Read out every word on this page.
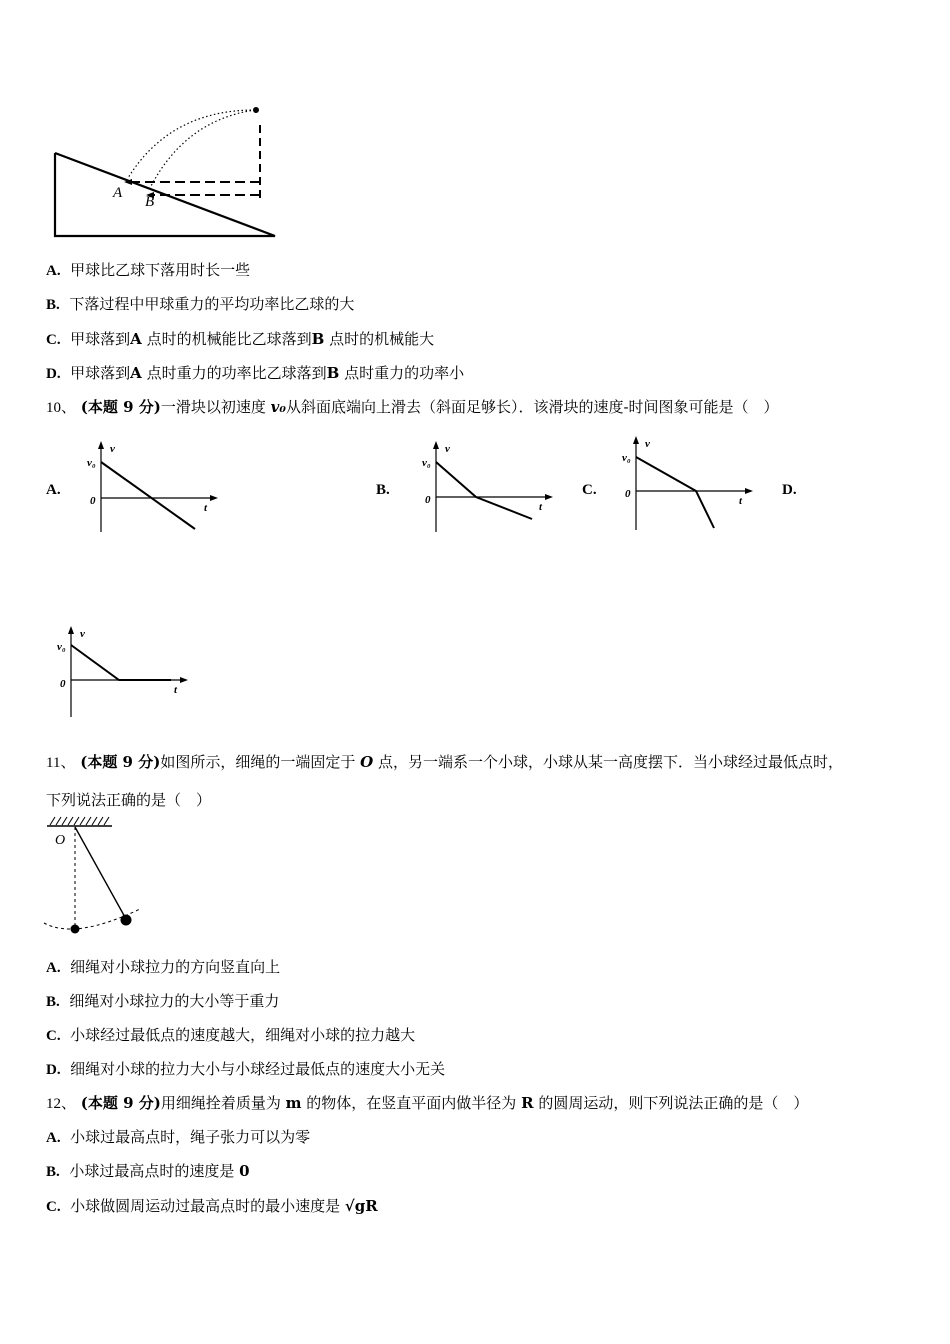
A
B
A. 甲球比乙球下落用时长一些
B. 下落过程中甲球重力的平均功率比乙球的大
C. 甲球落到A 点时的机械能比乙球落到B 点时的机械能大
D. 甲球落到A 点时重力的功率比乙球落到B 点时重力的功率小
10、 (本题 9 分)一滑块以初速度 v₀从斜面底端向上滑去（斜面足够长）．该滑块的速度-时间图象可能是（　）
A.	B.	C.	D.
v
v₀
0
t
v
v₀
0
t
v
v₀
0
t
v
v₀
0	t
11、 (本题 9 分)如图所示，细绳的一端固定于 O 点，另一端系一个小球，小球从某一高度摆下．当小球经过最低点时，
下列说法正确的是（　）
O
A. 细绳对小球拉力的方向竖直向上
B. 细绳对小球拉力的大小等于重力
C. 小球经过最低点的速度越大，细绳对小球的拉力越大
D. 细绳对小球的拉力大小与小球经过最低点的速度大小无关
12、 (本题 9 分)用细绳拴着质量为 m 的物体，在竖直平面内做半径为 R 的圆周运动，则下列说法正确的是（　）
A. 小球过最高点时，绳子张力可以为零
B. 小球过最高点时的速度是 0
C. 小球做圆周运动过最高点时的最小速度是 √gR
